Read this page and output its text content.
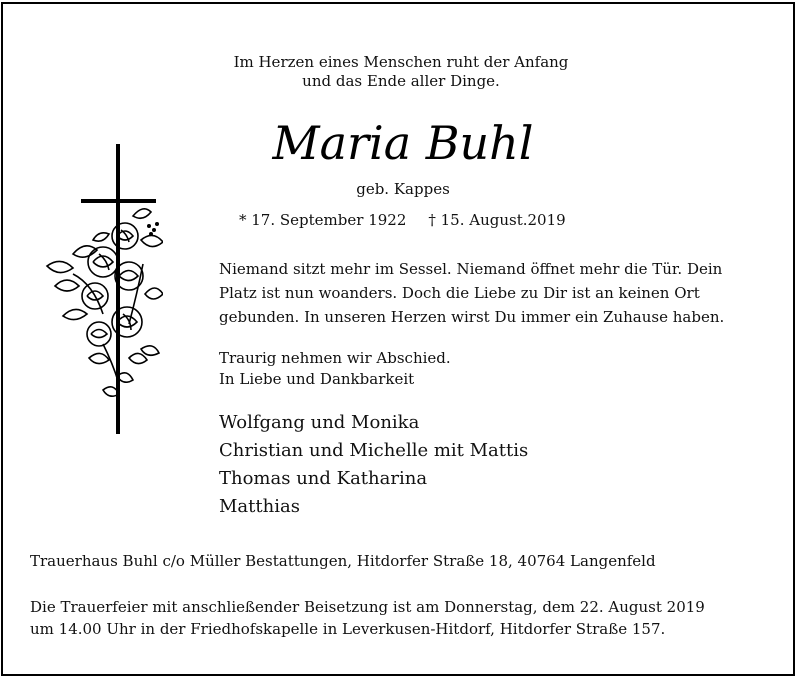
Im Herzen eines Menschen ruht der Anfang
und das Ende aller Dinge.
Maria Buhl
geb. Kappes
* 17. September 1922 † 15. August.2019
Niemand sitzt mehr im Sessel. Niemand öffnet mehr die Tür. Dein
Platz ist nun woanders. Doch die Liebe zu Dir ist an keinen Ort
gebunden. In unseren Herzen wirst Du immer ein Zuhause haben.
Traurig nehmen wir Abschied.
In Liebe und Dankbarkeit
Wolfgang und Monika
Christian und Michelle mit Mattis
Thomas und Katharina
Matthias
Trauerhaus Buhl c/o Müller Bestattungen, Hitdorfer Straße 18, 40764 Langenfeld
Die Trauerfeier mit anschließender Beisetzung ist am Donnerstag, dem 22. August 2019
um 14.00 Uhr in der Friedhofskapelle in Leverkusen-Hitdorf, Hitdorfer Straße 157.
